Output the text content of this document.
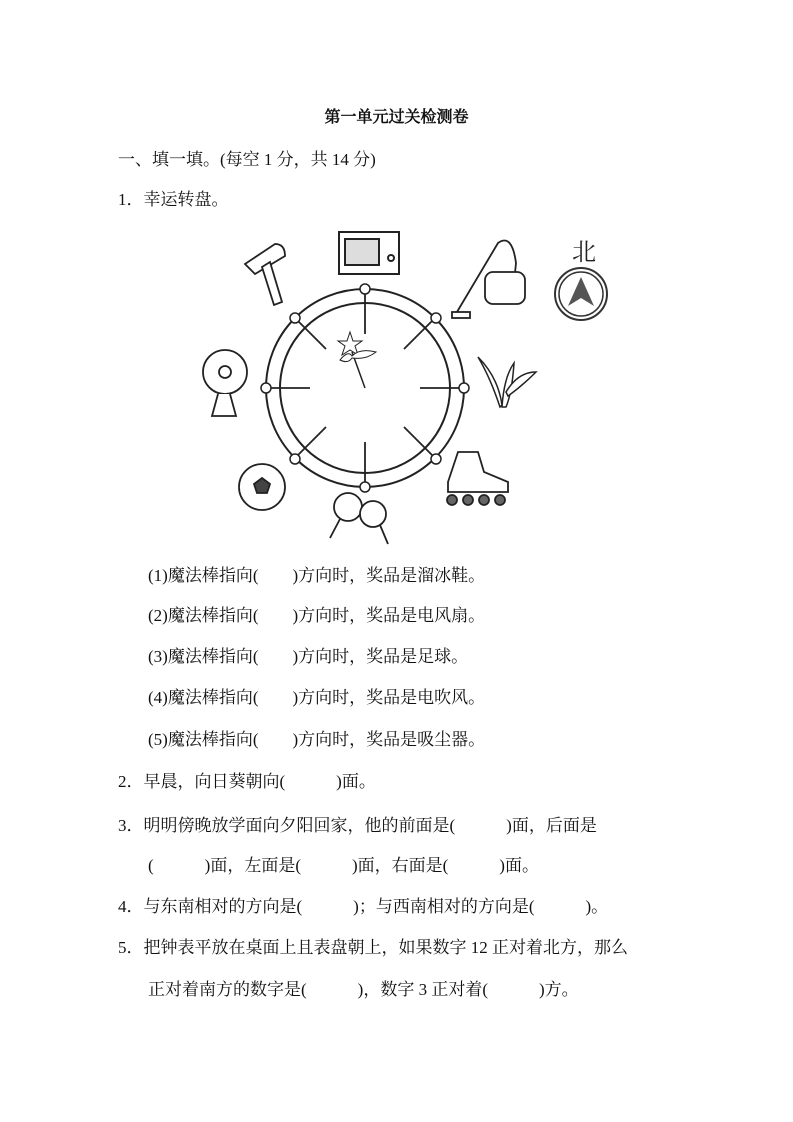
第一单元过关检测卷
一、填一填。(每空 1 分，共 14 分)
1．幸运转盘。
北
(1)魔法棒指向(　　)方向时，奖品是溜冰鞋。
(2)魔法棒指向(　　)方向时，奖品是电风扇。
(3)魔法棒指向(　　)方向时，奖品是足球。
(4)魔法棒指向(　　)方向时，奖品是电吹风。
(5)魔法棒指向(　　)方向时，奖品是吸尘器。
2．早晨，向日葵朝向(　　　)面。
3．明明傍晚放学面向夕阳回家，他的前面是(　　　)面，后面是
(　　　)面，左面是(　　　)面，右面是(　　　)面。
4．与东南相对的方向是(　　　)；与西南相对的方向是(　　　)。
5．把钟表平放在桌面上且表盘朝上，如果数字 12 正对着北方，那么
正对着南方的数字是(　　　)，数字 3 正对着(　　　)方。
